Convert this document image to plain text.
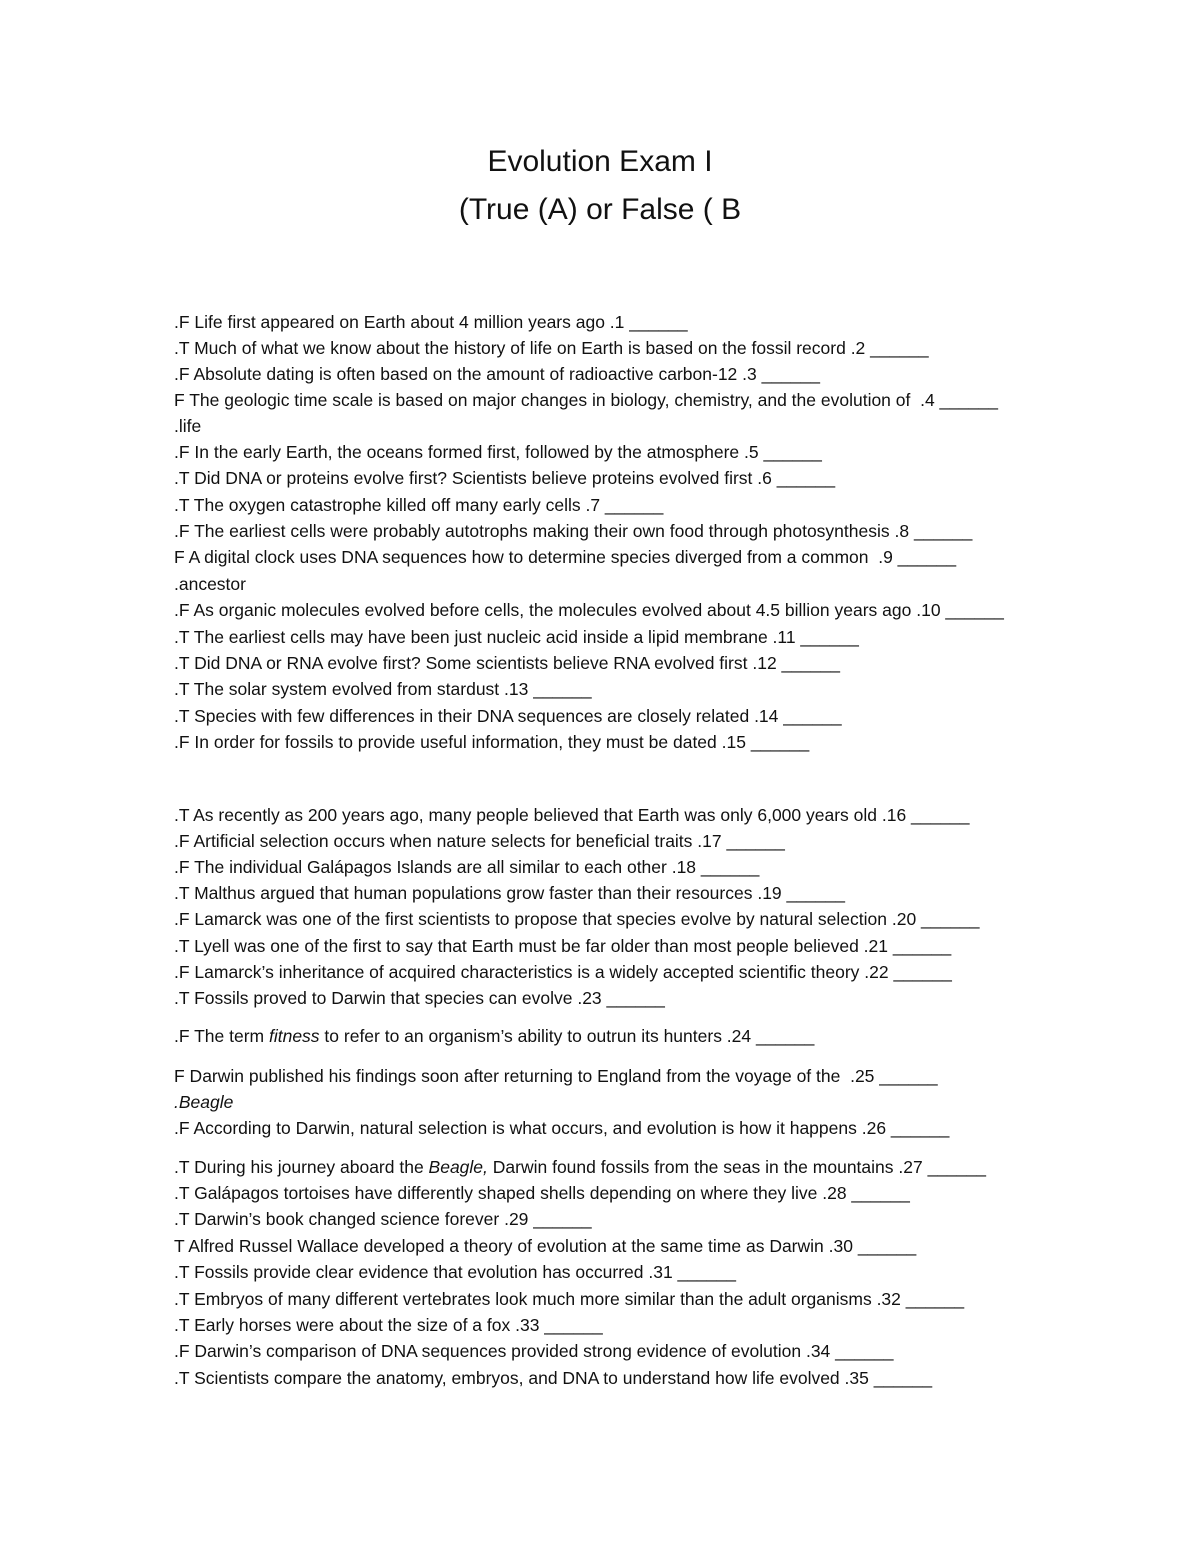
Evolution Exam I
(True (A) or False ( B
.F Life first appeared on Earth about 4 million years ago .1 ______
.T Much of what we know about the history of life on Earth is based on the fossil record .2 ______
.F Absolute dating is often based on the amount of radioactive carbon-12 .3 ______
F The geologic time scale is based on major changes in biology, chemistry, and the evolution of  .4 ______
.life
.F In the early Earth, the oceans formed first, followed by the atmosphere .5 ______
.T Did DNA or proteins evolve first? Scientists believe proteins evolved first .6 ______
.T The oxygen catastrophe killed off many early cells .7 ______
.F The earliest cells were probably autotrophs making their own food through photosynthesis .8 ______
F A digital clock uses DNA sequences how to determine species diverged from a common  .9 ______
.ancestor
.F As organic molecules evolved before cells, the molecules evolved about 4.5 billion years ago .10 ______
.T The earliest cells may have been just nucleic acid inside a lipid membrane .11 ______
.T Did DNA or RNA evolve first? Some scientists believe RNA evolved first .12 ______
.T The solar system evolved from stardust .13 ______
.T Species with few differences in their DNA sequences are closely related .14 ______
.F In order for fossils to provide useful information, they must be dated .15 ______
.T As recently as 200 years ago, many people believed that Earth was only 6,000 years old .16 ______
.F Artificial selection occurs when nature selects for beneficial traits .17 ______
.F The individual Galápagos Islands are all similar to each other .18 ______
.T Malthus argued that human populations grow faster than their resources .19 ______
.F Lamarck was one of the first scientists to propose that species evolve by natural selection .20 ______
.T Lyell was one of the first to say that Earth must be far older than most people believed .21 ______
.F Lamarck’s inheritance of acquired characteristics is a widely accepted scientific theory .22 ______
.T Fossils proved to Darwin that species can evolve .23 ______
.F The term fitness to refer to an organism’s ability to outrun its hunters .24 ______
F Darwin published his findings soon after returning to England from the voyage of the  .25 ______
.Beagle
.F According to Darwin, natural selection is what occurs, and evolution is how it happens .26 ______
.T During his journey aboard the Beagle, Darwin found fossils from the seas in the mountains .27 ______
.T Galápagos tortoises have differently shaped shells depending on where they live .28 ______
.T Darwin’s book changed science forever .29 ______
T Alfred Russel Wallace developed a theory of evolution at the same time as Darwin .30 ______
.T Fossils provide clear evidence that evolution has occurred .31 ______
.T Embryos of many different vertebrates look much more similar than the adult organisms .32 ______
.T Early horses were about the size of a fox .33 ______
.F Darwin’s comparison of DNA sequences provided strong evidence of evolution .34 ______
.T Scientists compare the anatomy, embryos, and DNA to understand how life evolved .35 ______
